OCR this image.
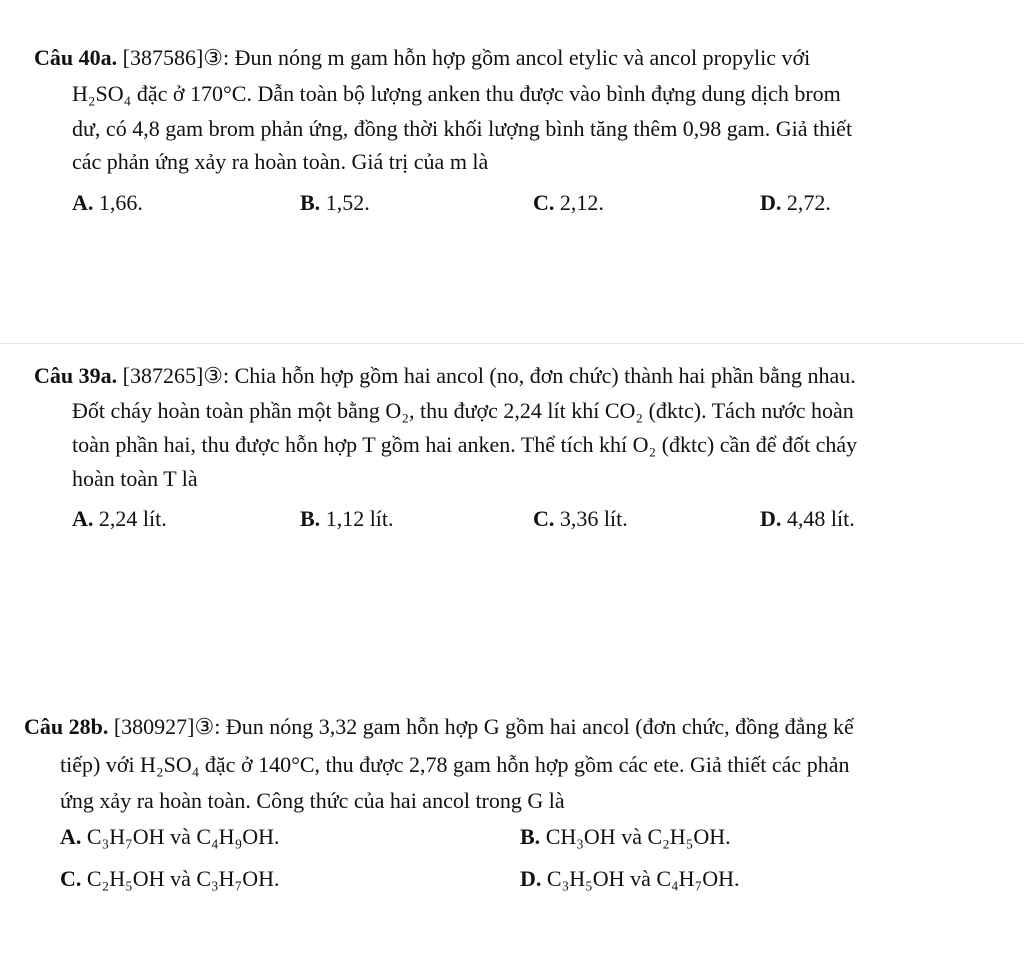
Câu 40a. [387586]③: Đun nóng m gam hỗn hợp gồm ancol etylic và ancol propylic với
H₂SO₄ đặc ở 170°C. Dẫn toàn bộ lượng anken thu được vào bình đựng dung dịch brom
dư, có 4,8 gam brom phản ứng, đồng thời khối lượng bình tăng thêm 0,98 gam. Giả thiết
các phản ứng xảy ra hoàn toàn. Giá trị của m là
A. 1,66.	B. 1,52.	C. 2,12.	D. 2,72.
Câu 39a. [387265]③: Chia hỗn hợp gồm hai ancol (no, đơn chức) thành hai phần bằng nhau.
Đốt cháy hoàn toàn phần một bằng O₂, thu được 2,24 lít khí CO₂ (đktc). Tách nước hoàn
toàn phần hai, thu được hỗn hợp T gồm hai anken. Thể tích khí O₂ (đktc) cần để đốt cháy
hoàn toàn T là
A. 2,24 lít.	B. 1,12 lít.	C. 3,36 lít.	D. 4,48 lít.
Câu 28b. [380927]③: Đun nóng 3,32 gam hỗn hợp G gồm hai ancol (đơn chức, đồng đẳng kế
tiếp) với H₂SO₄ đặc ở 140°C, thu được 2,78 gam hỗn hợp gồm các ete. Giả thiết các phản
ứng xảy ra hoàn toàn. Công thức của hai ancol trong G là
A. C₃H₇OH và C₄H₉OH.	B. CH₃OH và C₂H₅OH.
C. C₂H₅OH và C₃H₇OH.	D. C₃H₅OH và C₄H₇OH.
